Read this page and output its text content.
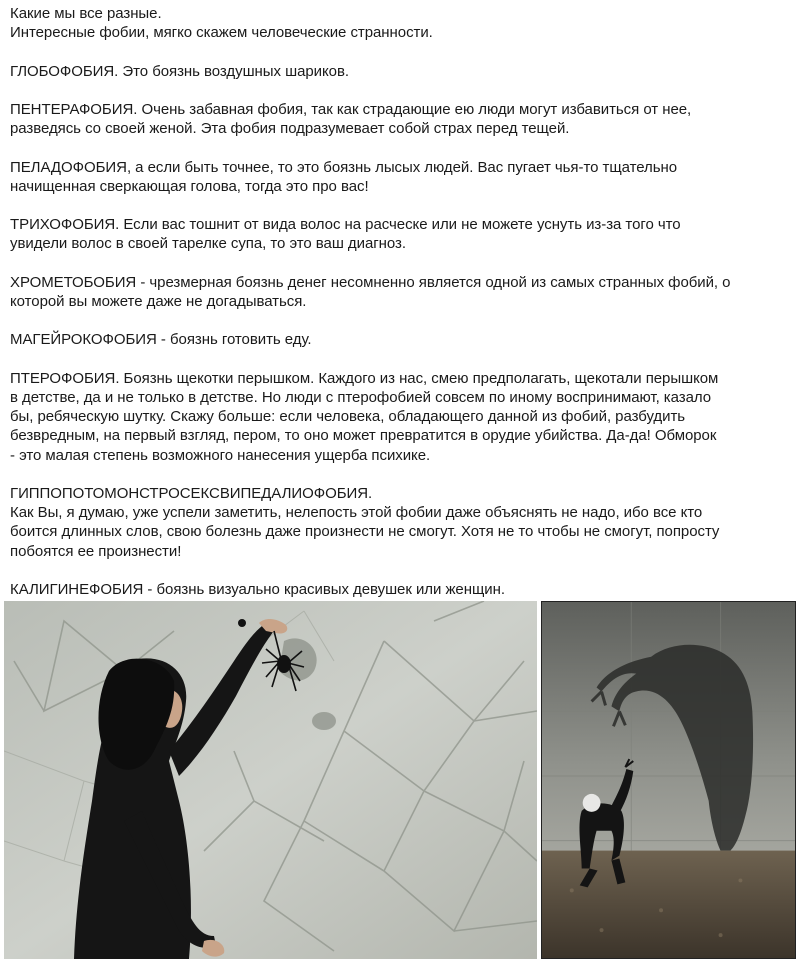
Какие мы все разные.
Интересные фобии, мягко скажем человеческие странности.

ГЛОБОФОБИЯ. Это боязнь воздушных шариков.

ПЕНТЕРАФОБИЯ. Очень забавная фобия, так как страдающие ею люди могут избавиться от нее,
разведясь со своей женой. Эта фобия подразумевает собой страх перед тещей.

ПЕЛАДОФОБИЯ, а если быть точнее, то это боязнь лысых людей. Вас пугает чья-то тщательно
начищенная сверкающая голова, тогда это про вас!

ТРИХОФОБИЯ. Если вас тошнит от вида волос на расческе или не можете уснуть из-за того что
увидели волос в своей тарелке супа, то это ваш диагноз.

ХРОМЕТОБОБИЯ - чрезмерная боязнь денег несомненно является одной из самых странных фобий, о
которой вы можете даже не догадываться.

МАГЕЙРОКОФОБИЯ - боязнь готовить еду.

ПТЕРОФОБИЯ. Боязнь щекотки перышком. Каждого из нас, смею предполагать, щекотали перышком
в детстве, да и не только в детстве. Но люди с птерофобией совсем по иному воспринимают, казало
бы, ребяческую шутку. Скажу больше: если человека, обладающего данной из фобий, разбудить
безвредным, на первый взгляд, пером, то оно может превратится в орудие убийства. Да-да! Обморок
- это малая степень возможного нанесения ущерба психике.

ГИППОПОТОМОНСТРОСЕКСВИПЕДАЛИОФОБИЯ.
Как Вы, я думаю, уже успели заметить, нелепость этой фобии даже объяснять не надо, ибо все кто
боится длинных слов, свою болезнь даже произнести не смогут. Хотя не то чтобы не смогут, попросту
побоятся ее произнести!

КАЛИГИНЕФОБИЯ - боязнь визуально красивых девушек или женщин.
